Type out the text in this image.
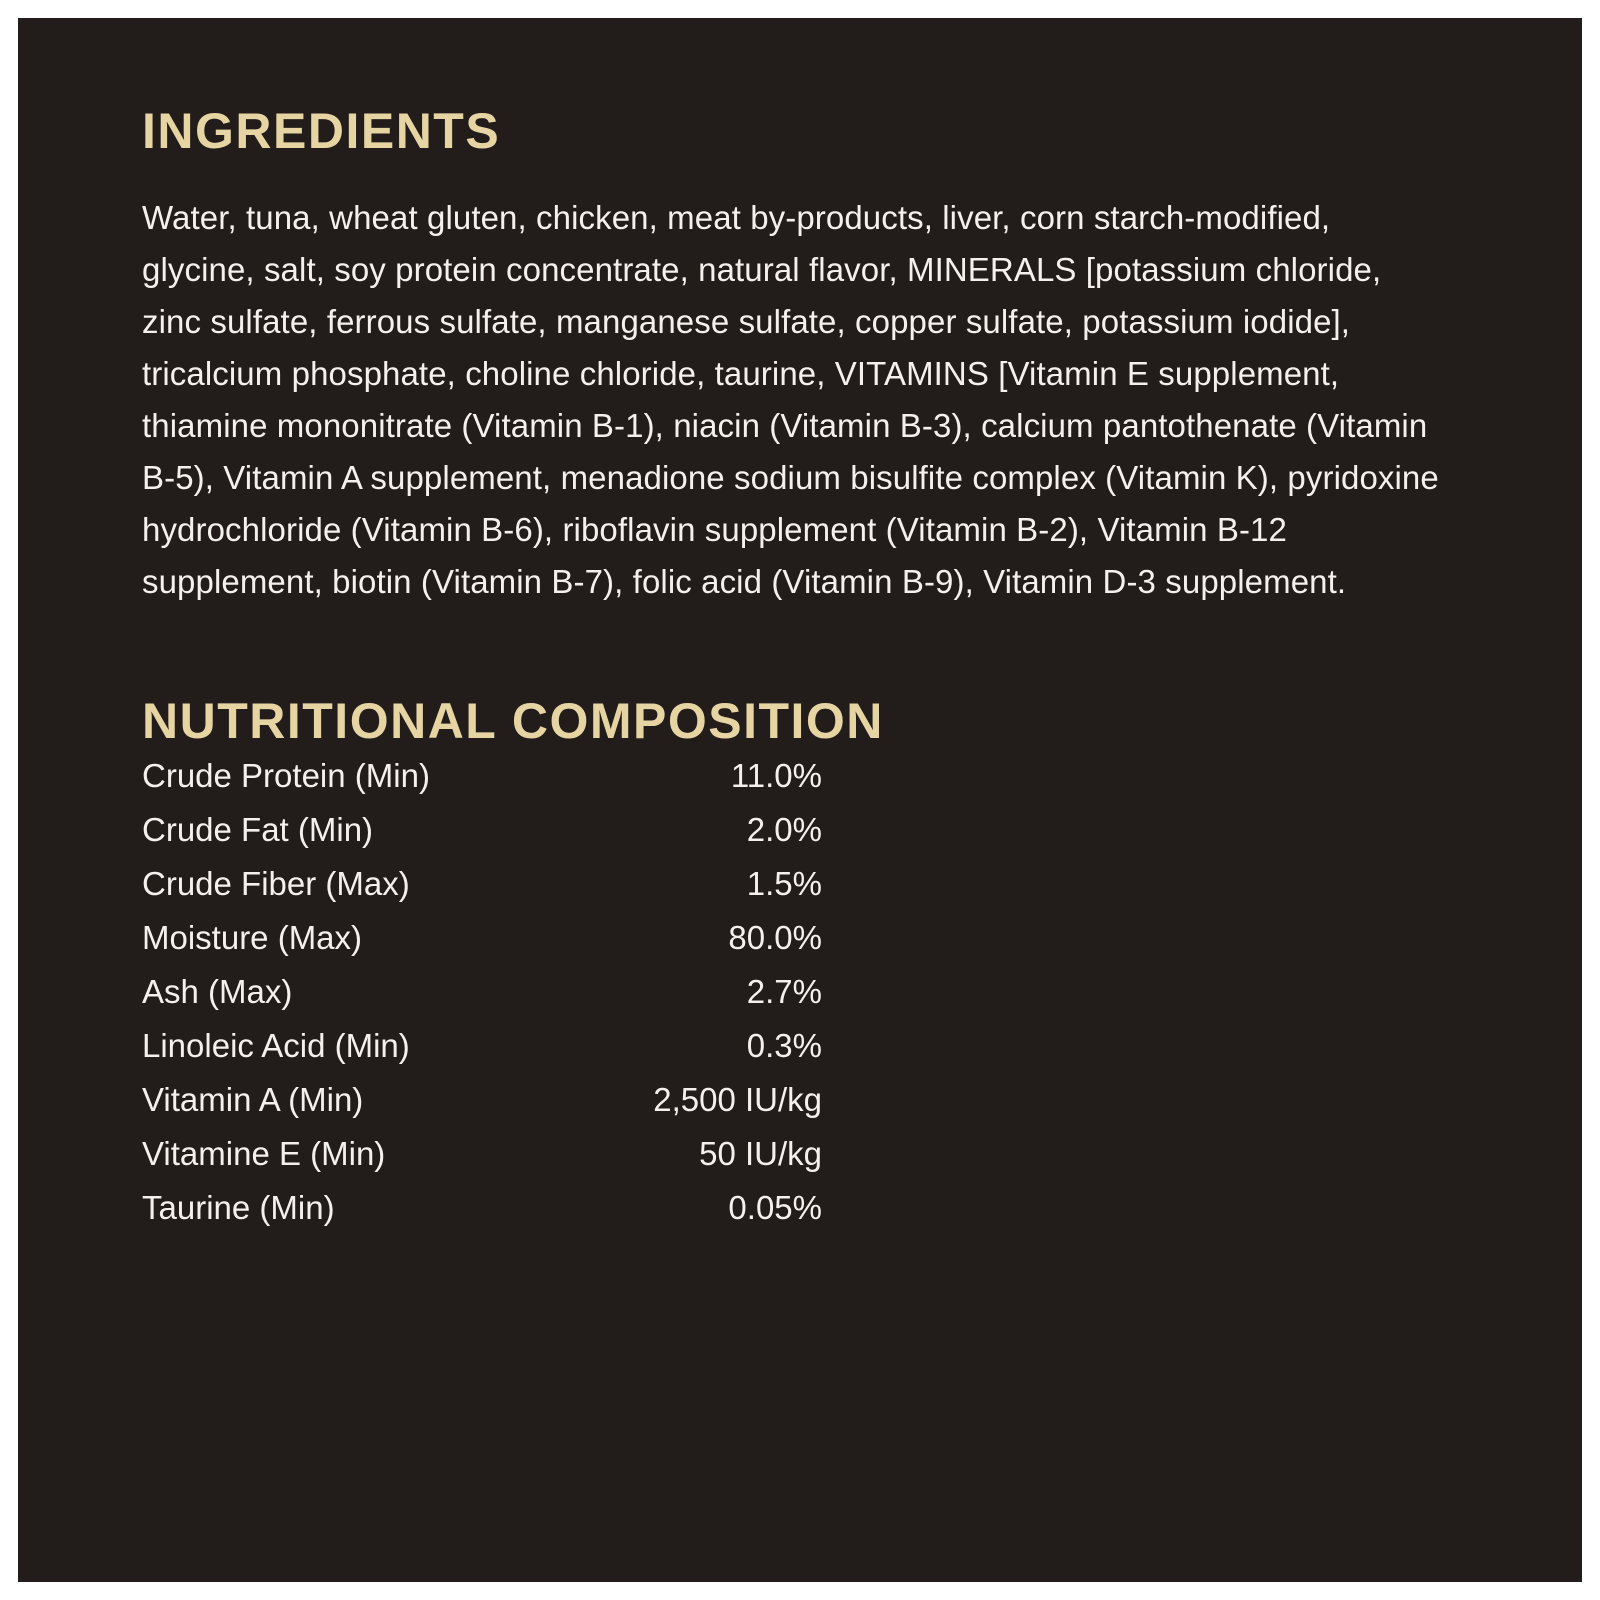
INGREDIENTS

Water, tuna, wheat gluten, chicken, meat by-products, liver, corn starch-modified, glycine, salt, soy protein concentrate, natural flavor, MINERALS [potassium chloride, zinc sulfate, ferrous sulfate, manganese sulfate, copper sulfate, potassium iodide], tricalcium phosphate, choline chloride, taurine, VITAMINS [Vitamin E supplement, thiamine mononitrate (Vitamin B-1), niacin (Vitamin B-3), calcium pantothenate (Vitamin B-5), Vitamin A supplement, menadione sodium bisulfite complex (Vitamin K), pyridoxine hydrochloride (Vitamin B-6), riboflavin supplement (Vitamin B-2), Vitamin B-12 supplement, biotin (Vitamin B-7), folic acid (Vitamin B-9), Vitamin D-3 supplement.

NUTRITIONAL COMPOSITION
Crude Protein (Min)	11.0%
Crude Fat (Min)	2.0%
Crude Fiber (Max)	1.5%
Moisture (Max)	80.0%
Ash (Max)	2.7%
Linoleic Acid (Min)	0.3%
Vitamin A (Min)	2,500 IU/kg
Vitamine E (Min)	50 IU/kg
Taurine (Min)	0.05%
